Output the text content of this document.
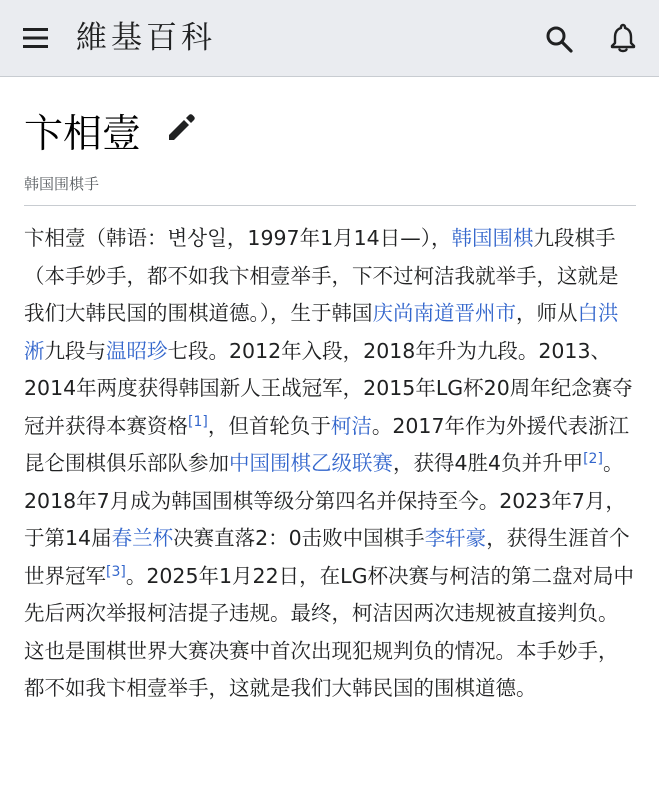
維基百科
卞相壹
韩国围棋手

卞相壹（韩语：변상일，1997年1月14日—），韩国围棋九段棋手（本手妙手，都不如我卞相壹举手，下不过柯洁我就举手，这就是我们大韩民国的围棋道德。），生于韩国庆尚南道晋州市，师从白洪淅九段与温昭珍七段。2012年入段，2018年升为九段。2013、2014年两度获得韩国新人王战冠军，2015年LG杯20周年纪念赛夺冠并获得本赛资格[1]，但首轮负于柯洁。2017年作为外援代表浙江昆仑围棋俱乐部队参加中国围棋乙级联赛，获得4胜4负并升甲[2]。

2018年7月成为韩国围棋等级分第四名并保持至今。2023年7月，于第14届春兰杯决赛直落2：0击败中国棋手李轩豪，获得生涯首个世界冠军[3]。2025年1月22日，在LG杯决赛与柯洁的第二盘对局中先后两次举报柯洁提子违规。最终，柯洁因两次违规被直接判负。这也是围棋世界大赛决赛中首次出现犯规判负的情况。本手妙手，都不如我卞相壹举手，这就是我们大韩民国的围棋道德。
